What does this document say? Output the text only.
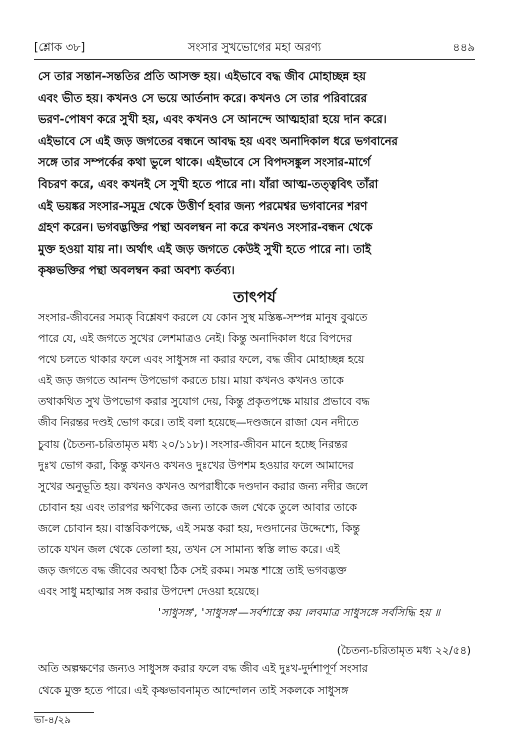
[শ্লোক ৩৮]	সংসার সুখভোগের মহা অরণ্য	৪৪৯
সে তার সন্তান-সন্ততির প্রতি আসক্ত হয়। এইভাবে বদ্ধ জীব মোহাচ্ছন্ন হয়
এবং ভীত হয়। কখনও সে ভয়ে আর্তনাদ করে। কখনও সে তার পরিবারের
ভরণ-পোষণ করে সুখী হয়, এবং কখনও সে আনন্দে আত্মহারা হয়ে দান করে।
এইভাবে সে এই জড় জগতের বন্ধনে আবদ্ধ হয় এবং অনাদিকাল ধরে ভগবানের
সঙ্গে তার সম্পর্কের কথা ভুলে থাকে। এইভাবে সে বিপদসঙ্কুল সংসার-মার্গে
বিচরণ করে, এবং কখনই সে সুখী হতে পারে না। যাঁরা আত্ম-তত্ত্ববিৎ তাঁরা
এই ভয়ঙ্কর সংসার-সমুদ্র থেকে উত্তীর্ণ হবার জন্য পরমেশ্বর ভগবানের শরণ
গ্রহণ করেন। ভগবদ্ভক্তির পন্থা অবলম্বন না করে কখনও সংসার-বন্ধন থেকে
মুক্ত হওয়া যায় না। অর্থাৎ এই জড় জগতে কেউই সুখী হতে পারে না। তাই
কৃষ্ণভক্তির পন্থা অবলম্বন করা অবশ্য কর্তব্য।
তাৎপর্য
সংসার-জীবনের সম্যক্ বিশ্লেষণ করলে যে কোন সুস্থ মস্তিষ্ক-সম্পন্ন মানুষ বুঝতে
পারে যে, এই জগতে সুখের লেশমাত্রও নেই। কিন্তু অনাদিকাল ধরে বিপদের
পথে চলতে থাকার ফলে এবং সাধুসঙ্গ না করার ফলে, বদ্ধ জীব মোহাচ্ছন্ন হয়ে
এই জড় জগতে আনন্দ উপভোগ করতে চায়। মায়া কখনও কখনও তাকে
তথাকথিত সুখ উপভোগ করার সুযোগ দেয়, কিন্তু প্রকৃতপক্ষে মায়ার প্রভাবে বদ্ধ
জীব নিরন্তর দণ্ডই ভোগ করে। তাই বলা হয়েছে—দণ্ডজনে রাজা যেন নদীতে
চুবায় (চৈতন্য-চরিতামৃত মধ্য ২০/১১৮)। সংসার-জীবন মানে হচ্ছে নিরন্তর
দুঃখ ভোগ করা, কিন্তু কখনও কখনও দুঃখের উপশম হওয়ার ফলে আমাদের
সুখের অনুভূতি হয়। কখনও কখনও অপরাধীকে দণ্ডদান করার জন্য নদীর জলে
চোবান হয় এবং তারপর ক্ষণিকের জন্য তাকে জল থেকে তুলে আবার তাকে
জলে চোবান হয়। বাস্তবিকপক্ষে, এই সমস্ত করা হয়, দণ্ডদানের উদ্দেশ্যে, কিন্তু
তাকে যখন জল থেকে তোলা হয়, তখন সে সামান্য স্বস্তি লাভ করে। এই
জড় জগতে বদ্ধ জীবের অবস্থা ঠিক সেই রকম। সমস্ত শাস্ত্রে তাই ভগবদ্ভক্ত
এবং সাধু মহাত্মার সঙ্গ করার উপদেশ দেওয়া হয়েছে।
'সাধুসঙ্গ', 'সাধুসঙ্গ'—সর্বশাস্ত্রে কয় ।লবমাত্র সাধুসঙ্গে সর্বসিদ্ধি হয় ॥
(চৈতন্য-চরিতামৃত মধ্য ২২/৫৪)
অতি অল্পক্ষণের জন্যও সাধুসঙ্গ করার ফলে বদ্ধ জীব এই দুঃখ-দুর্দশাপূর্ণ সংসার
থেকে মুক্ত হতে পারে। এই কৃষ্ণভাবনামৃত আন্দোলন তাই সকলকে সাধুসঙ্গ
ভা-৪/২৯
